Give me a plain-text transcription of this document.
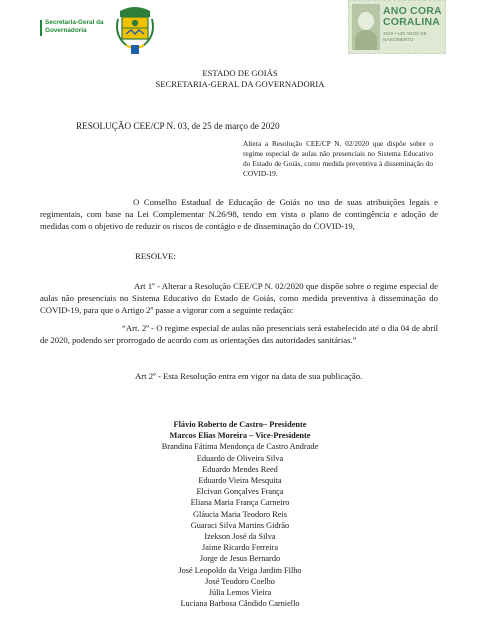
Secretaria-Geral da Governadoria
ANO CORA CORALINA
2019 • 130 ANOS DE NASCIMENTO
ESTADO DE GOIÁS
SECRETARIA-GERAL DA GOVERNADORIA
RESOLUÇÃO CEE/CP N. 03, de 25 de março de 2020
Altera a Resolução CEE/CP N. 02/2020 que dispõe sobre o regime especial de aulas não presenciais no Sistema Educativo do Estado de Goiás, como medida preventiva à disseminação do COVID-19.
O Conselho Estadual de Educação de Goiás no uso de suas atribuições legais e regimentais, com base na Lei Complementar N.26/98, tendo em vista o plano de contingência e adoção de medidas com o objetivo de reduzir os riscos de contágio e de disseminação do COVID-19,
RESOLVE:
Art 1º - Alterar a Resolução CEE/CP N. 02/2020 que dispõe sobre o regime especial de aulas não presenciais no Sistema Educativo do Estado de Goiás, como medida preventiva à disseminação do COVID-19, para que o Artigo 2º passe a vigorar com a seguinte redação:
“Art. 2º - O regime especial de aulas não presenciais será estabelecido até o dia 04 de abril de 2020, podendo ser prorrogado de acordo com as orientações das autoridades sanitárias.”
Art 2º - Esta Resolução entra em vigor na data de sua publicação.
Flávio Roberto de Castro– Presidente
Marcos Elias Moreira – Vice-Presidente
Brandina Fátima Mendonça de Castro Andrade
Eduardo de Oliveira Silva
Eduardo Mendes Reed
Eduardo Vieira Mesquita
Elcivan Gonçalves França
Eliana Maria França Carneiro
Gláucia Maria Teodoro Reis
Guaraci Silva Martins Gidrão
Izekson José da Silva
Jaime Ricardo Ferreira
Jorge de Jesus Bernardo
José Leopoldo da Veiga Jardim Filho
José Teodoro Coelho
Júlia Lemos Vieira
Luciana Barbosa Cândido Carniello
